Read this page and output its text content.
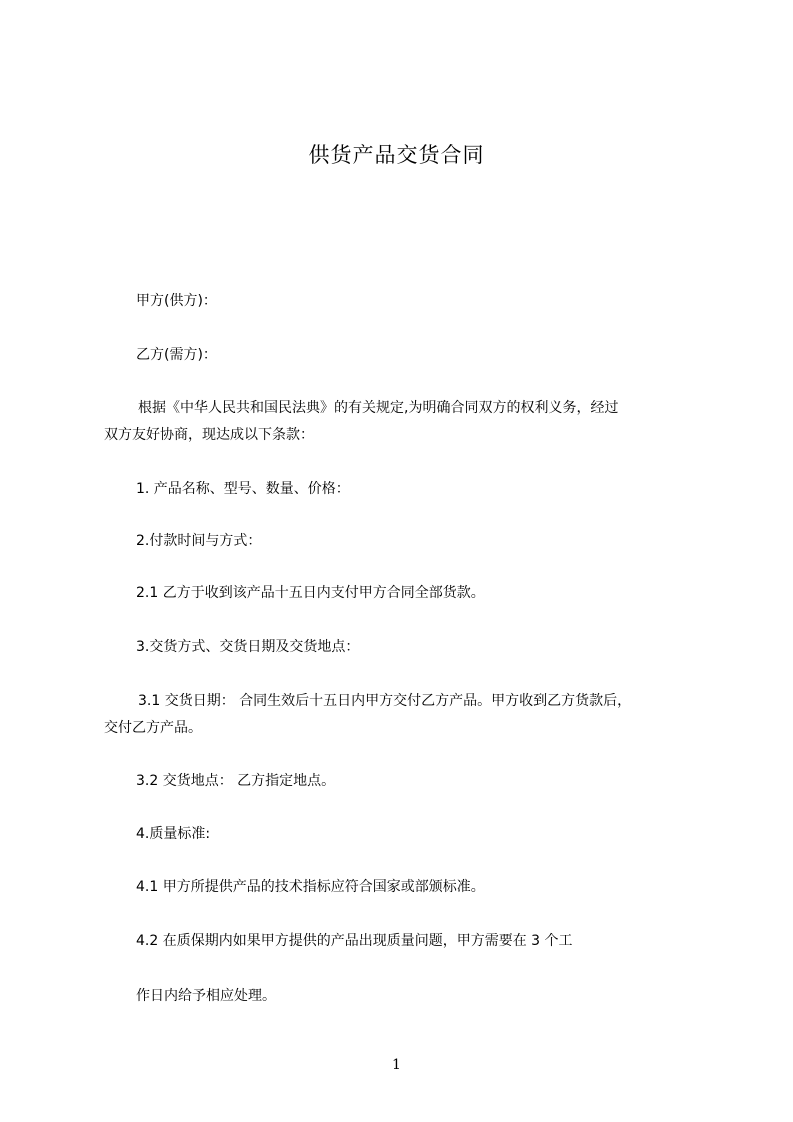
供货产品交货合同
甲方(供方)：
乙方(需方)：
根据《中华人民共和国民法典》的有关规定,为明确合同双方的权利义务，经过
双方友好协商，现达成以下条款：
1. 产品名称、型号、数量、价格：
2.付款时间与方式：
2.1 乙方于收到该产品十五日内支付甲方合同全部货款。
3.交货方式、交货日期及交货地点：
3.1 交货日期： 合同生效后十五日内甲方交付乙方产品。甲方收到乙方货款后，
交付乙方产品。
3.2 交货地点： 乙方指定地点。
4.质量标准:
4.1 甲方所提供产品的技术指标应符合国家或部颁标准。
4.2 在质保期内如果甲方提供的产品出现质量问题，甲方需要在 3 个工
作日内给予相应处理。
1
